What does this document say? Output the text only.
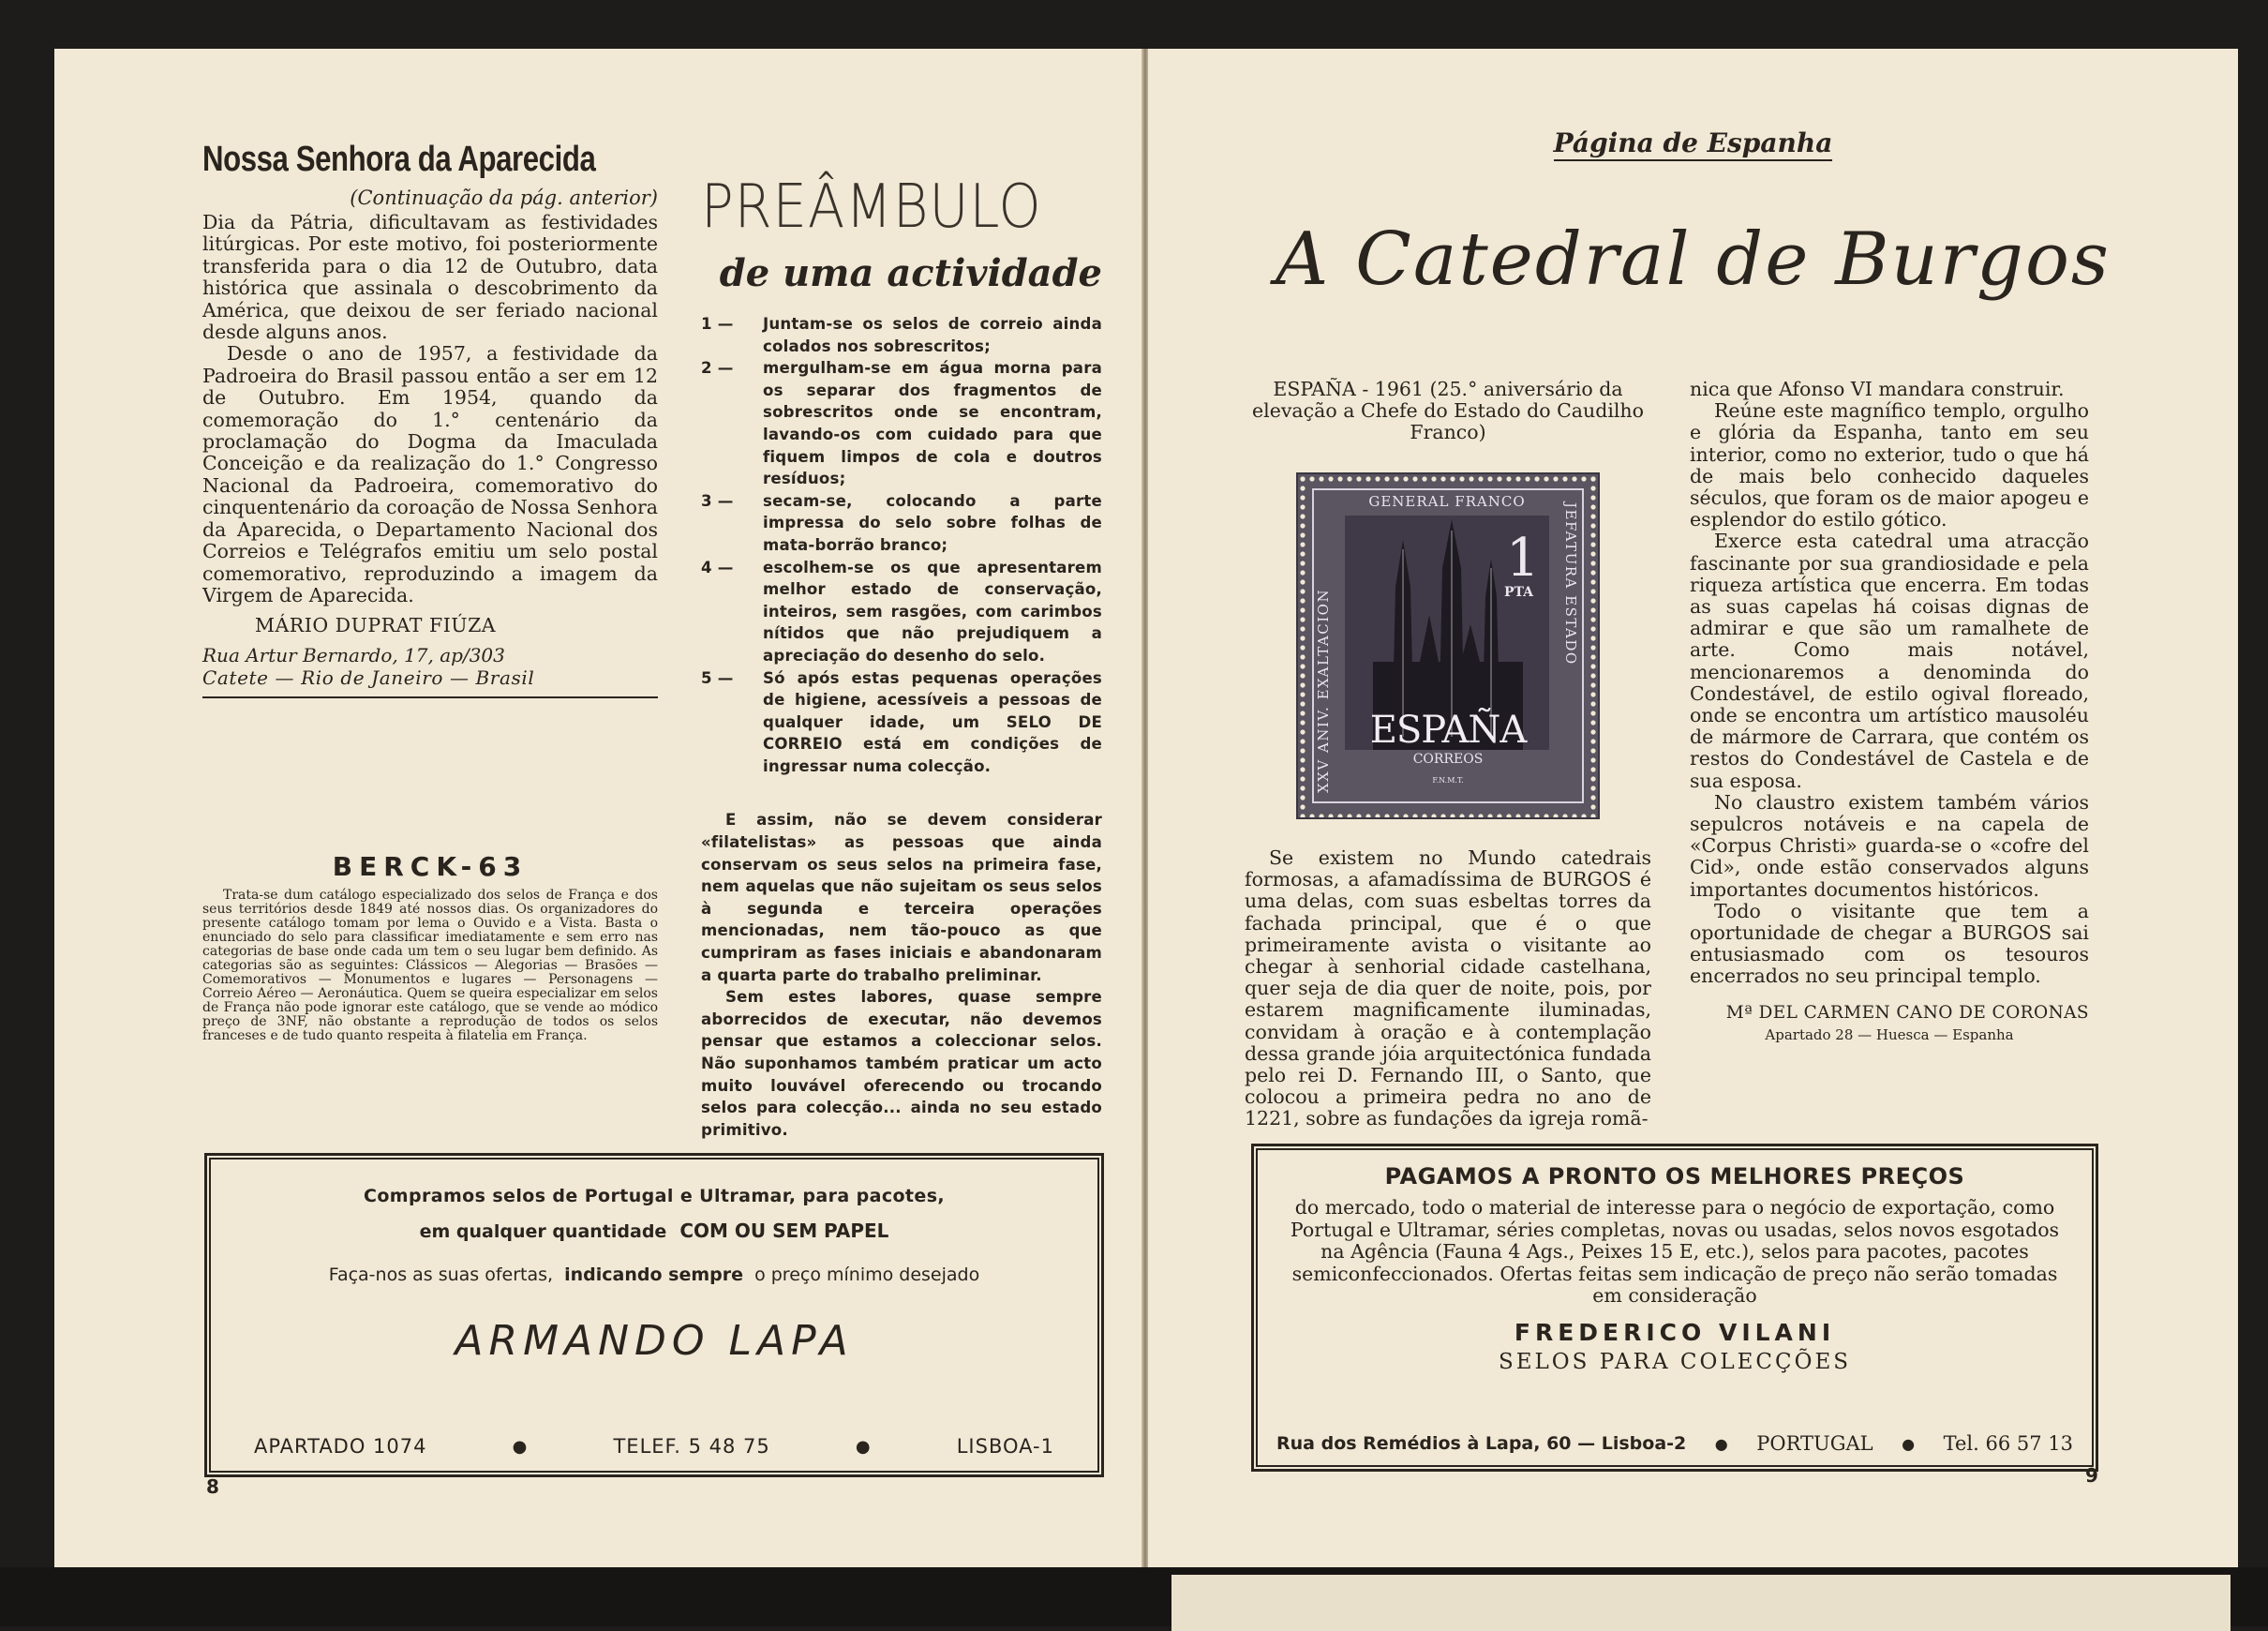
Nossa Senhora da Aparecida
(Continuação da pág. anterior)

Dia da Pátria, dificultavam as festividades litúrgicas. Por este motivo, foi posteriormente transferida para o dia 12 de Outubro, data histórica que assinala o descobrimento da América, que deixou de ser feriado nacional desde alguns anos.

Desde o ano de 1957, a festividade da Padroeira do Brasil passou então a ser em 12 de Outubro. Em 1954, quando da comemoração do 1.° centenário da proclamação do Dogma da Imaculada Conceição e da realização do 1.° Congresso Nacional da Padroeira, comemorativo do cinquentenário da coroação de Nossa Senhora da Aparecida, o Departamento Nacional dos Correios e Telégrafos emitiu um selo postal comemorativo, reproduzindo a imagem da Virgem de Aparecida.

MÁRIO DUPRAT FIÚZA
Rua Artur Bernardo, 17, ap/303
Catete — Rio de Janeiro — Brasil
BERCK-63

Trata-se dum catálogo especializado dos selos de França e dos seus territórios desde 1849 até nossos dias. Os organizadores do presente catálogo tomam por lema o Ouvido e a Vista. Basta o enunciado do selo para classificar imediatamente e sem erro nas categorias de base onde cada um tem o seu lugar bem definido. As categorias são as seguintes: Clássicos — Alegorias — Brasões — Comemorativos — Monumentos e lugares — Personagens — Correio Aéreo — Aeronáutica. Quem se queira especializar em selos de França não pode ignorar este catálogo, que se vende ao módico preço de 3NF, não obstante a reprodução de todos os selos franceses e de tudo quanto respeita à filatelia em França.

PREÂMBULO
de uma actividade
1 —	Juntam-se os selos de correio ainda colados nos sobrescritos;
2 —	mergulham-se em água morna para os separar dos fragmentos de sobrescritos onde se encontram, lavando-os com cuidado para que fiquem limpos de cola e doutros resíduos;
3 —	secam-se, colocando a parte impressa do selo sobre folhas de mata-borrão branco;
4 —	escolhem-se os que apresentarem melhor estado de conservação, inteiros, sem rasgões, com carimbos nítidos que não prejudiquem a apreciação do desenho do selo.
5 —	Só após estas pequenas operações de higiene, acessíveis a pessoas de qualquer idade, um SELO DE CORREIO está em condições de ingressar numa colecção.

E assim, não se devem considerar «filatelistas» as pessoas que ainda conservam os seus selos na primeira fase, nem aquelas que não sujeitam os seus selos à segunda e terceira operações mencionadas, nem tão-pouco as que cumpriram as fases iniciais e abandonaram a quarta parte do trabalho preliminar.

Sem estes labores, quase sempre aborrecidos de executar, não devemos pensar que estamos a coleccionar selos. Não suponhamos também praticar um acto muito louvável oferecendo ou trocando selos para colecção... ainda no seu estado primitivo.

Compramos selos de Portugal e Ultramar, para pacotes,
em qualquer quantidade COM OU SEM PAPEL
Faça-nos as suas ofertas, indicando sempre o preço mínimo desejado
ARMANDO LAPA
APARTADO 1074	●	TELEF. 5 48 75	●	LISBOA-1
8
Página de Espanha
A Catedral de Burgos

ESPAÑA - 1961 (25.° aniversário da elevação a Chefe do Estado do Caudilho Franco)

GENERAL FRANCO
XXV ANIV. EXALTACION
JEFATURA ESTADO
1
PTA
ESPAÑA
CORREOS
F.N.M.T.

Se existem no Mundo catedrais formosas, a afamadíssima de BURGOS é uma delas, com suas esbeltas torres da fachada principal, que é o que primeiramente avista o visitante ao chegar à senhorial cidade castelhana, quer seja de dia quer de noite, pois, por estarem magnificamente iluminadas, convidam à oração e à contemplação dessa grande jóia arquitectónica fundada pelo rei D. Fernando III, o Santo, que colocou a primeira pedra no ano de 1221, sobre as fundações da igreja romã-

nica que Afonso VI mandara construir.

Reúne este magnífico templo, orgulho e glória da Espanha, tanto em seu interior, como no exterior, tudo o que há de mais belo conhecido daqueles séculos, que foram os de maior apogeu e esplendor do estilo gótico.

Exerce esta catedral uma atracção fascinante por sua grandiosidade e pela riqueza artística que encerra. Em todas as suas capelas há coisas dignas de admirar e que são um ramalhete de arte. Como mais notável, mencionaremos a denominda do Condestável, de estilo ogival floreado, onde se encontra um artístico mausoléu de mármore de Carrara, que contém os restos do Condestável de Castela e de sua esposa.

No claustro existem também vários sepulcros notáveis e na capela de «Corpus Christi» guarda-se o «cofre del Cid», onde estão conservados alguns importantes documentos históricos.

Todo o visitante que tem a oportunidade de chegar a BURGOS sai entusiasmado com os tesouros encerrados no seu principal templo.

Mª DEL CARMEN CANO DE CORONAS
Apartado 28 — Huesca — Espanha
PAGAMOS A PRONTO OS MELHORES PREÇOS

do mercado, todo o material de interesse para o negócio de exportação, como Portugal e Ultramar, séries completas, novas ou usadas, selos novos esgotados na Agência (Fauna 4 Ags., Peixes 15 E, etc.), selos para pacotes, pacotes semiconfeccionados. Ofertas feitas sem indicação de preço não serão tomadas em consideração

FREDERICO VILANI
SELOS PARA COLECÇÕES
Rua dos Remédios à Lapa, 60 — Lisboa-2 ● PORTUGAL ● Tel. 66 57 13
9
